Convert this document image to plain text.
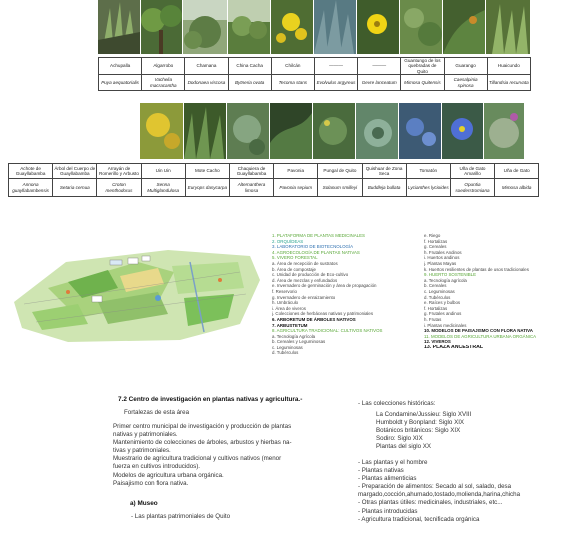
Achupalla	Algarrobo	Chamana	China Cacha	Chilcán	———	———	Guantungo de los quebradas de Quito	Guarango	Huaicundo
Puya aequatorialis	Vachelia macracantha	Dodonaea viscosa	Bytneria ovata	Tecoma stans	Evolvulus argyreus	Gevre lanceatum	Mimosa Quitensis	Caesalpinia spinosa	Tillandsia recurvata
Achote de Guayllabamba	Árbol del Cuerpo de Guayllabamba	Arrayán de Romerillo y Arbusto	Uin Uin	Mote Cacho	Chaquiera de Guayllabamba	Pavonia	Pungal de Quito	Quishuar de Zona Seca	Tomatón	Uña de Gato Amarillo	Uña de Gato
Annona guayllabambensis	Setaria cernua	Croton menthodorus	Senna Multiglandulosa	Euryops dasycarpa	Alternanthera limosa	Pavonia sepium	Solanum smilleyi	Buddleja bullata	Lycianthes lycioides	Opuntia soederstromiana	Mimosa albida
1. PLATAFORMA DE PLANTAS MEDICINALES
2. ORQUÍDEAS
3. LABORATORIO DE BIOTECNOLOGÍA
4. AGROECOLOGÍA DE PLANTAS NATIVAS
5. VIVERO FORESTAL
a. Área de recepción de sustratos
b. Área de compostaje
c. Unidad de producción de Eco-cultivo
d. Área de mezclas y enfundados
e. Invernadero de germinación y área de propagación
f. Reservorio
g. Invernadero de enraizamiento
h. Umbráculo
i. Área de viveros
j. Colecciones de herbáceas nativas y patrimoniales
6. ARBORETUM DE ÁRBOLES NATIVOS
7. ARBUSTETUM
8. AGRICULTURA TRADICIONAL: CULTIVOS NATIVOS
a. Tecnología Agrícola
b. Cereales y Leguminosas
c. Leguminosas
d. Tubérculos
e. Riego
f. Hortalizas
g. Cereales
h. Frutales Andinos
i. Huertos andinos
j. Plantas Mayas
k. Huertos resilientes de plantas de usos tradicionales
9. HUERTO SOSTENIBLE
a. Tecnología agrícola
b. Cereales
c. Leguminosas
d. Tubérculos
e. Raíces y bulbos
f. Hortalizas
g. Frutales andinos
h. Frutas
i. Plantas medicinales
10. MODELOS DE PAISAJISMO CON FLORA NATIVA
11. MODELOS DE AGRICULTURA URBANA ORGÁNICA
12. VIVEROS
13. PLAZA ANCESTRAL
7.2 Centro de investigación en plantas nativas y agricultura.-
Fortalezas de esta área
Primer centro municipal de investigación y producción de plantas
nativas y patrimoniales.
Mantenimiento de colecciones de árboles, arbustos y hierbas na-
tivas y patrimoniales.
Muestrario de agricultura tradicional y cultivos nativos (menor
fuerza en cultivos introducidos).
Modelos de agricultura urbana orgánica.
Paisajismo con flora nativa.
a) Museo
- Las plantas patrimoniales de Quito
- Las colecciones históricas:
La Condamine/Jussieu: Siglo XVIII
Humboldt y Bonpland: Siglo XIX
Botánicos británicos: Siglo XIX
Sodiro: Siglo XIX
Plantas del siglo XX
- Las plantas y el hombre
- Plantas nativas
- Plantas alimenticias
- Preparación de alimentos: Secado al sol, salado, desa
margado,cocción,ahumado,tostado,molienda,harina,chicha
- Otras plantas útiles: medicinales, industriales, etc...
- Plantas introducidas
- Agricultura tradicional, tecnificada orgánica
